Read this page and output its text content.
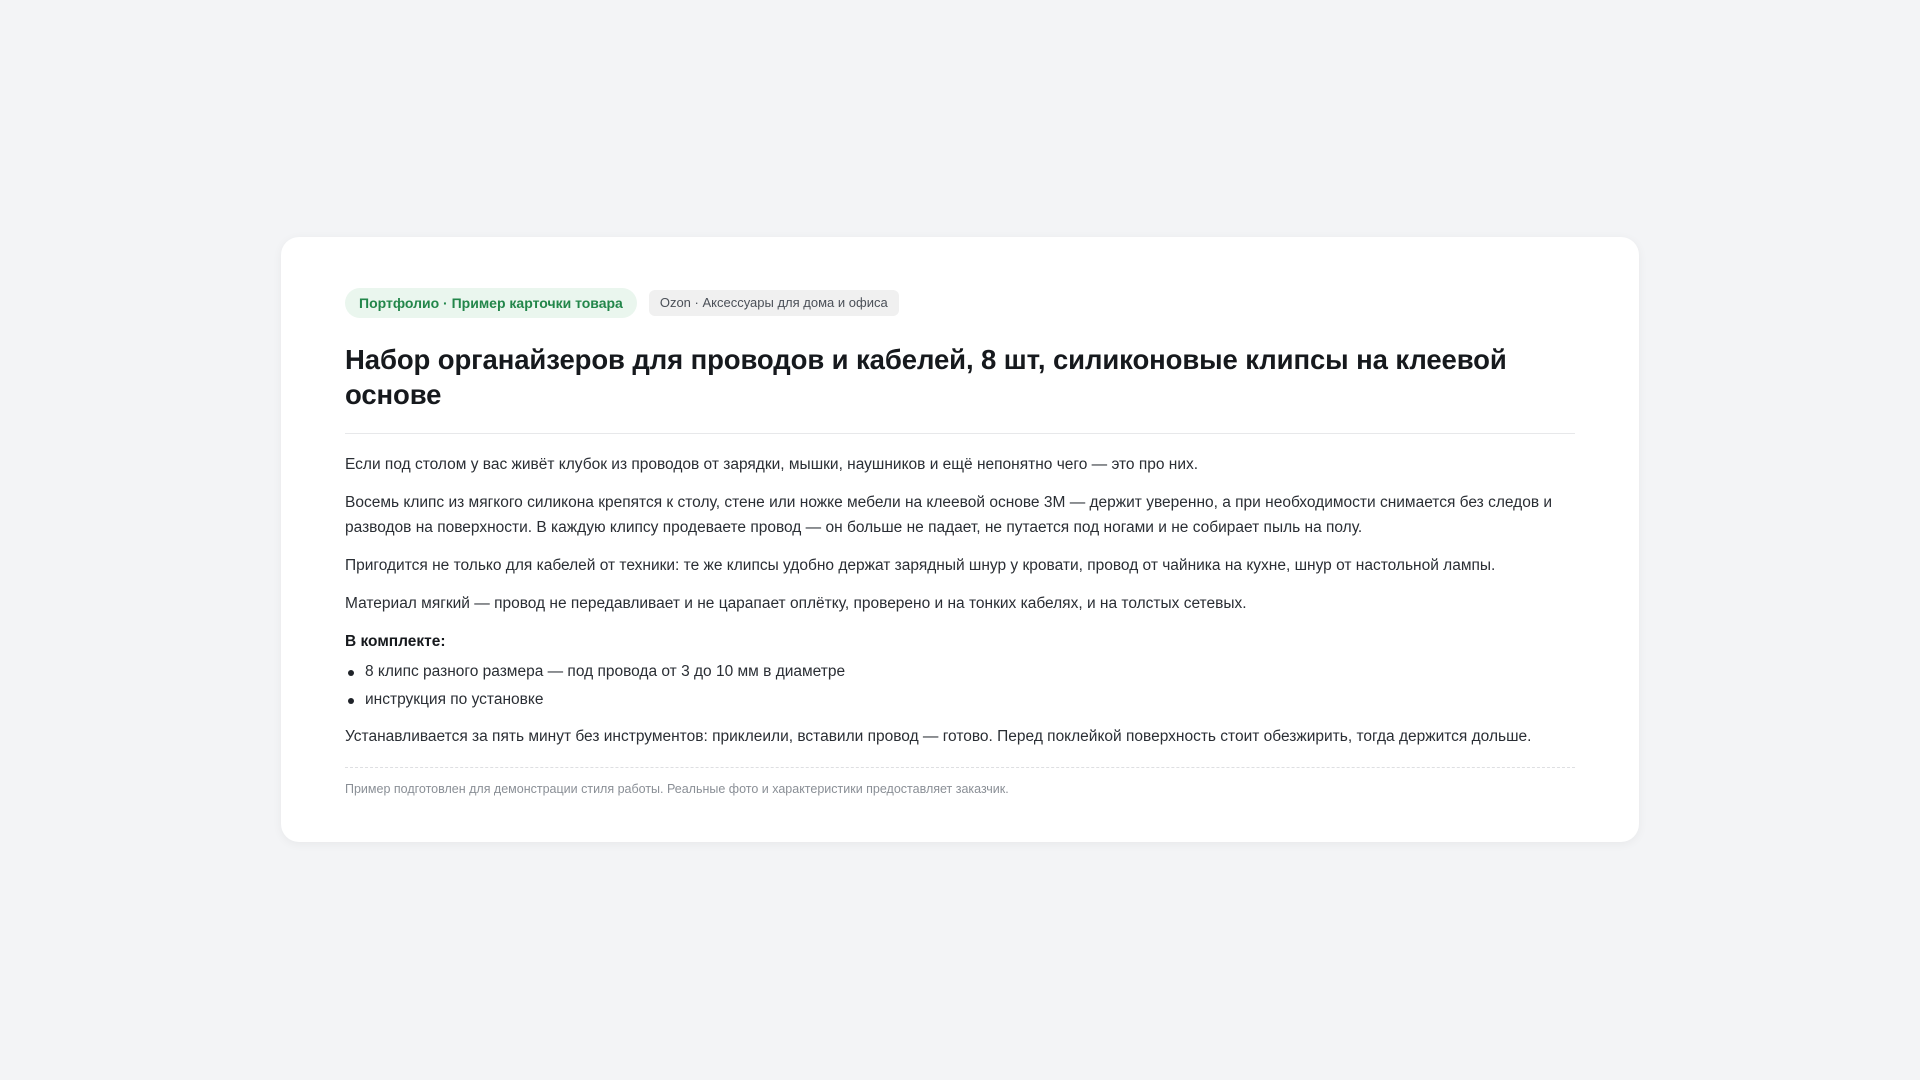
Портфолио · Пример карточки товара	Ozon · Аксессуары для дома и офиса
Набор органайзеров для проводов и кабелей, 8 шт, силиконовые клипсы на клеевой основе

Если под столом у вас живёт клубок из проводов от зарядки, мышки, наушников и ещё непонятно чего — это про них.

Восемь клипс из мягкого силикона крепятся к столу, стене или ножке мебели на клеевой основе 3М — держит уверенно, а при необходимости снимается без следов и разводов на поверхности. В каждую клипсу продеваете провод — он больше не падает, не путается под ногами и не собирает пыль на полу.

Пригодится не только для кабелей от техники: те же клипсы удобно держат зарядный шнур у кровати, провод от чайника на кухне, шнур от настольной лампы.

Материал мягкий — провод не передавливает и не царапает оплётку, проверено и на тонких кабелях, и на толстых сетевых.

В комплекте:
8 клипс разного размера — под провода от 3 до 10 мм в диаметре
инструкция по установке

Устанавливается за пять минут без инструментов: приклеили, вставили провод — готово. Перед поклейкой поверхность стоит обезжирить, тогда держится дольше.

Пример подготовлен для демонстрации стиля работы. Реальные фото и характеристики предоставляет заказчик.
